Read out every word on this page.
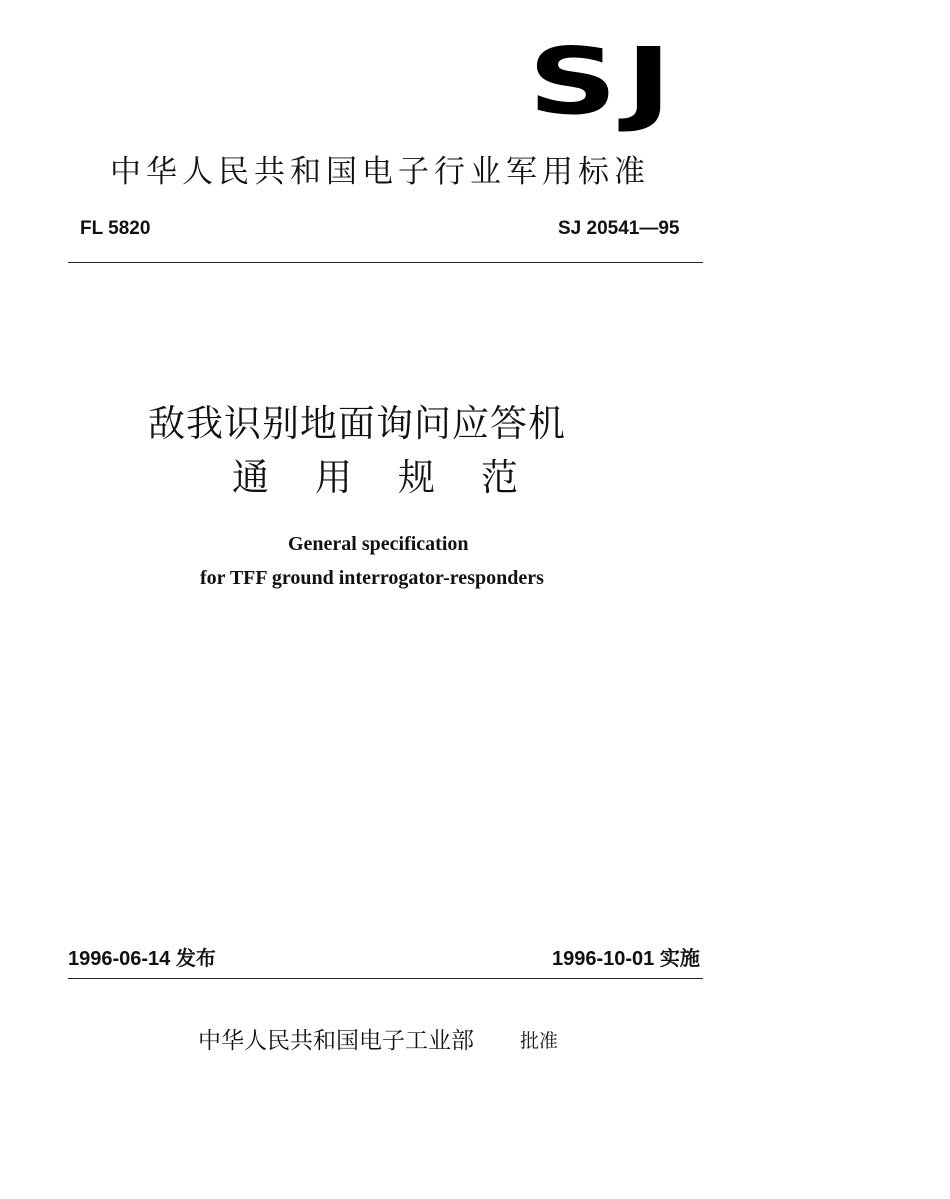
SJ
中华人民共和国电子行业军用标准
FL 5820	SJ 20541—95
敌我识别地面询问应答机
通用规范
General specification
for TFF ground interrogator-responders
1996-06-14 发布	1996-10-01 实施
中华人民共和国电子工业部 批准
